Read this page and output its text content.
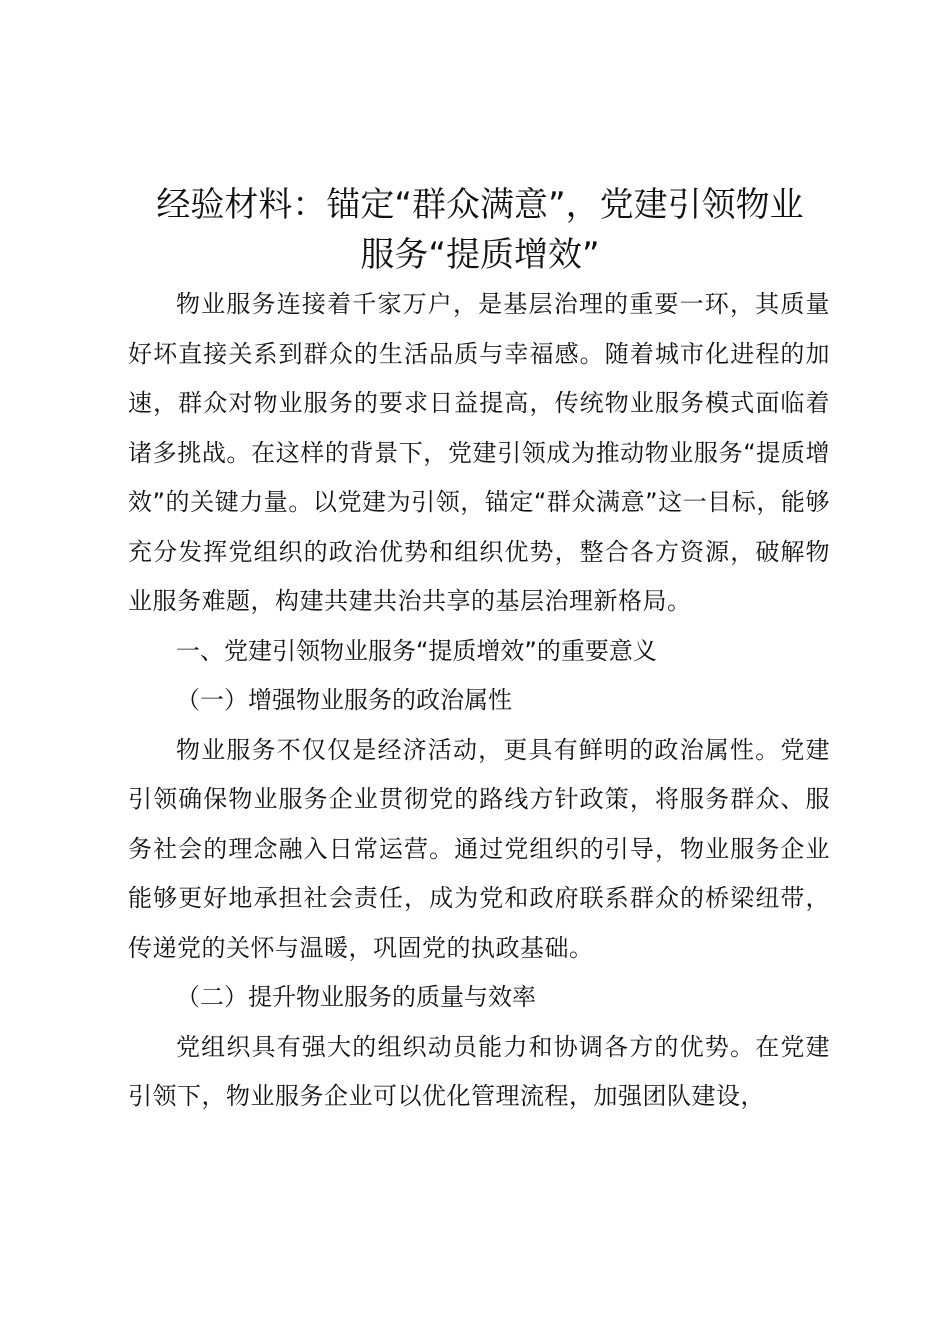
经验材料：锚定“群众满意”，党建引领物业
服务“提质增效”

物业服务连接着千家万户，是基层治理的重要一环，其质量好坏直接关系到群众的生活品质与幸福感。随着城市化进程的加速，群众对物业服务的要求日益提高，传统物业服务模式面临着诸多挑战。在这样的背景下，党建引领成为推动物业服务“提质增效”的关键力量。以党建为引领，锚定“群众满意”这一目标，能够充分发挥党组织的政治优势和组织优势，整合各方资源，破解物业服务难题，构建共建共治共享的基层治理新格局。

一、党建引领物业服务“提质增效”的重要意义

（一）增强物业服务的政治属性

物业服务不仅仅是经济活动，更具有鲜明的政治属性。党建引领确保物业服务企业贯彻党的路线方针政策，将服务群众、服务社会的理念融入日常运营。通过党组织的引导，物业服务企业能够更好地承担社会责任，成为党和政府联系群众的桥梁纽带，传递党的关怀与温暖，巩固党的执政基础。

（二）提升物业服务的质量与效率

党组织具有强大的组织动员能力和协调各方的优势。在党建引领下，物业服务企业可以优化管理流程，加强团队建设，
